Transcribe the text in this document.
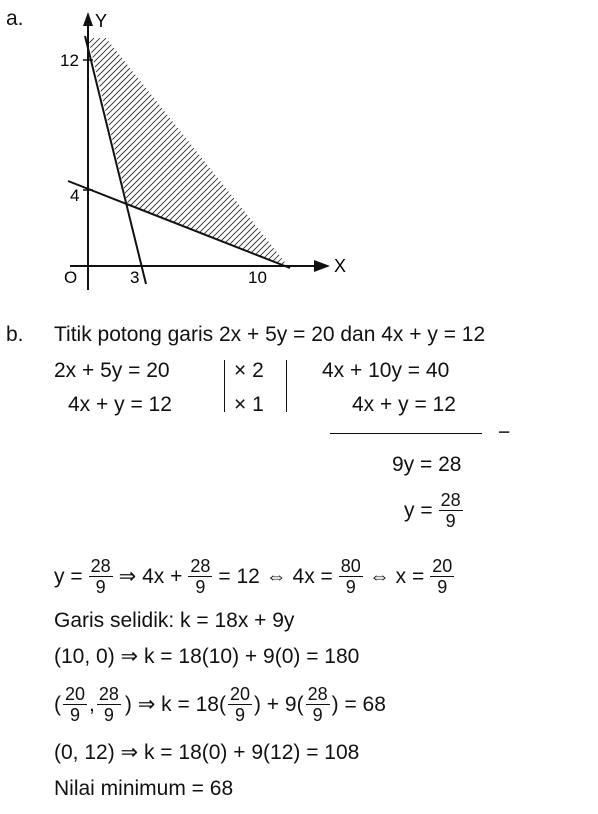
a.	Y
X
O
12
4
3	10
b. Titik potong garis 2x + 5y = 20 dan 4x + y = 12
2x + 5y = 20
4x + y = 12
× 2
× 1
4x + 10y = 40
4x + y = 12
−
9y = 28
$y = \frac{28}{9}$
$y = \frac{28}{9}$ ⇒ $4x + \frac{28}{9} = 12$ ⇔ $4x = \frac{80}{9}$ ⇔ $x = \frac{20}{9}$
Garis selidik: k = 18x + 9y
(10, 0) ⇒ k = 18(10) + 9(0) = 180
( $\frac{20}{9}$ , $\frac{28}{9}$ ) ⇒ $k = 18( \frac{20}{9}$ ) + $9( \frac{28}{9}$ ) = 68
(0, 12) ⇒ k = 18(0) + 9(12) = 108
Nilai minimum = 68
